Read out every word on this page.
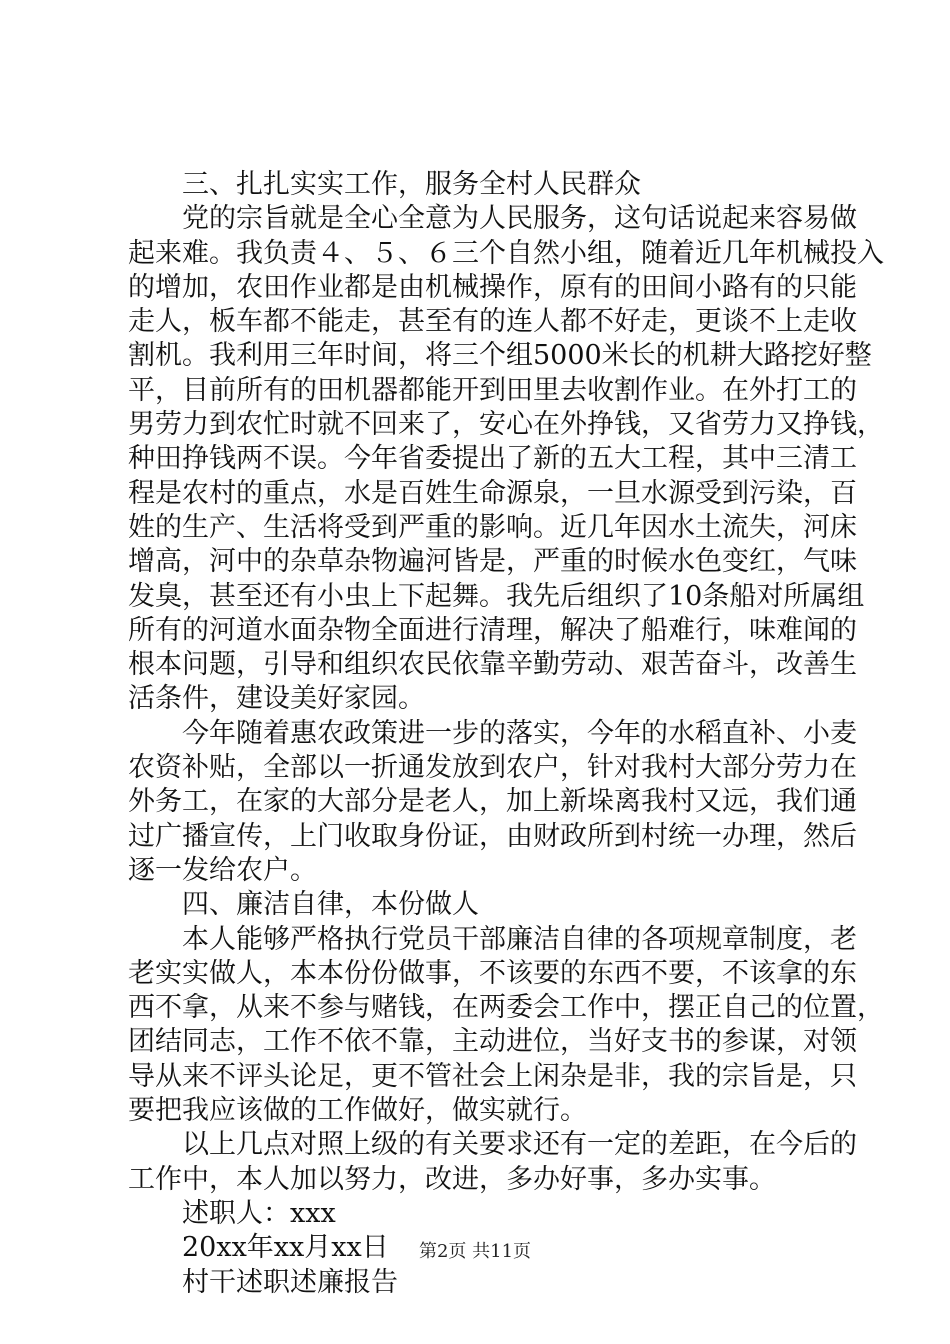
三、扎扎实实工作，服务全村人民群众
党的宗旨就是全心全意为人民服务，这句话说起来容易做
起来难。我负责４、５、６三个自然小组，随着近几年机械投入
的增加，农田作业都是由机械操作，原有的田间小路有的只能
走人，板车都不能走，甚至有的连人都不好走，更谈不上走收
割机。我利用三年时间，将三个组5000米长的机耕大路挖好整
平，目前所有的田机器都能开到田里去收割作业。在外打工的
男劳力到农忙时就不回来了，安心在外挣钱，又省劳力又挣钱，
种田挣钱两不误。今年省委提出了新的五大工程，其中三清工
程是农村的重点，水是百姓生命源泉，一旦水源受到污染，百
姓的生产、生活将受到严重的影响。近几年因水土流失，河床
增高，河中的杂草杂物遍河皆是，严重的时候水色变红，气味
发臭，甚至还有小虫上下起舞。我先后组织了10条船对所属组
所有的河道水面杂物全面进行清理，解决了船难行，味难闻的
根本问题，引导和组织农民依靠辛勤劳动、艰苦奋斗，改善生
活条件，建设美好家园。
今年随着惠农政策进一步的落实，今年的水稻直补、小麦
农资补贴，全部以一折通发放到农户，针对我村大部分劳力在
外务工，在家的大部分是老人，加上新垛离我村又远，我们通
过广播宣传，上门收取身份证，由财政所到村统一办理，然后
逐一发给农户。
四、廉洁自律，本份做人
本人能够严格执行党员干部廉洁自律的各项规章制度，老
老实实做人，本本份份做事，不该要的东西不要，不该拿的东
西不拿，从来不参与赌钱，在两委会工作中，摆正自己的位置，
团结同志，工作不依不靠，主动进位，当好支书的参谋，对领
导从来不评头论足，更不管社会上闲杂是非，我的宗旨是，只
要把我应该做的工作做好，做实就行。
以上几点对照上级的有关要求还有一定的差距，在今后的
工作中，本人加以努力，改进，多办好事，多办实事。
述职人：xxx
20xx年xx月xx日
村干述职述廉报告
第2页 共11页
